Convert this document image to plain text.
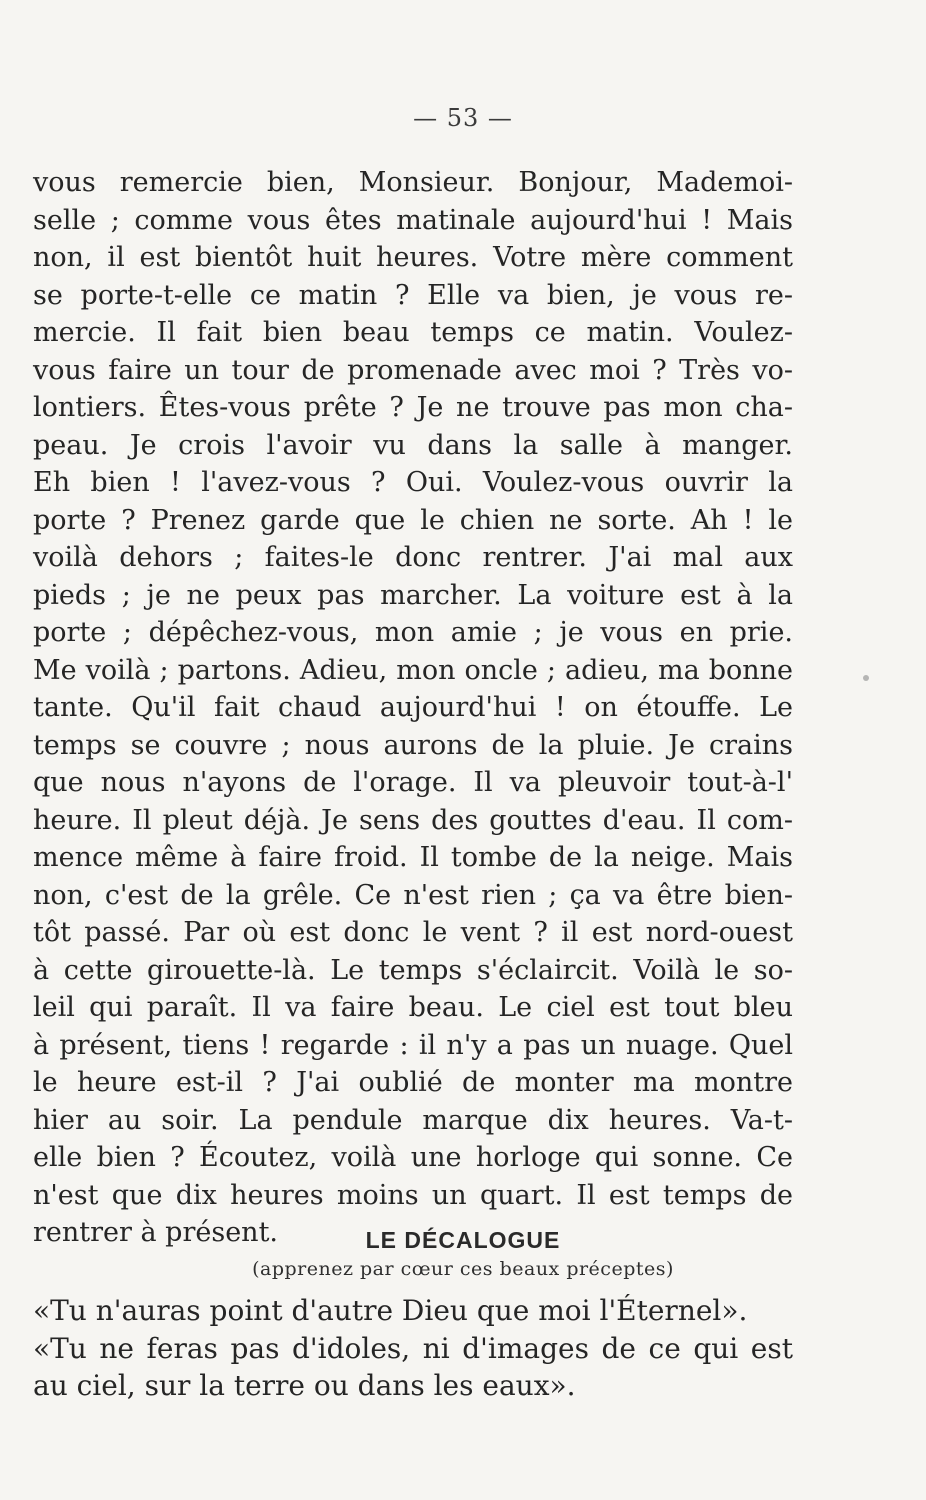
— 53 —
vous remercie bien, Monsieur. Bonjour, Mademoi-
selle ; comme vous êtes matinale aujourd'hui ! Mais
non, il est bientôt huit heures. Votre mère comment
se porte-t-elle ce matin ? Elle va bien, je vous re-
mercie. Il fait bien beau temps ce matin. Voulez-
vous faire un tour de promenade avec moi ? Très vo-
lontiers. Êtes-vous prête ? Je ne trouve pas mon cha-
peau. Je crois l'avoir vu dans la salle à manger.
Eh bien ! l'avez-vous ? Oui. Voulez-vous ouvrir la
porte ? Prenez garde que le chien ne sorte. Ah ! le
voilà dehors ; faites-le donc rentrer. J'ai mal aux
pieds ; je ne peux pas marcher. La voiture est à la
porte ; dépêchez-vous, mon amie ; je vous en prie.
Me voilà ; partons. Adieu, mon oncle ; adieu, ma bonne
tante. Qu'il fait chaud aujourd'hui ! on étouffe. Le
temps se couvre ; nous aurons de la pluie. Je crains
que nous n'ayons de l'orage. Il va pleuvoir tout-à-l'
heure. Il pleut déjà. Je sens des gouttes d'eau. Il com-
mence même à faire froid. Il tombe de la neige. Mais
non, c'est de la grêle. Ce n'est rien ; ça va être bien-
tôt passé. Par où est donc le vent ? il est nord-ouest
à cette girouette-là. Le temps s'éclaircit. Voilà le so-
leil qui paraît. Il va faire beau. Le ciel est tout bleu
à présent, tiens ! regarde : il n'y a pas un nuage. Quel
le heure est-il ? J'ai oublié de monter ma montre
hier au soir. La pendule marque dix heures. Va-t-
elle bien ? Écoutez, voilà une horloge qui sonne. Ce
n'est que dix heures moins un quart. Il est temps de
rentrer à présent.	LE DÉCALOGUE
(apprenez par cœur ces beaux préceptes)
«Tu n'auras point d'autre Dieu que moi l'Éternel».
«Tu ne feras pas d'idoles, ni d'images de ce qui est
au ciel, sur la terre ou dans les eaux».
